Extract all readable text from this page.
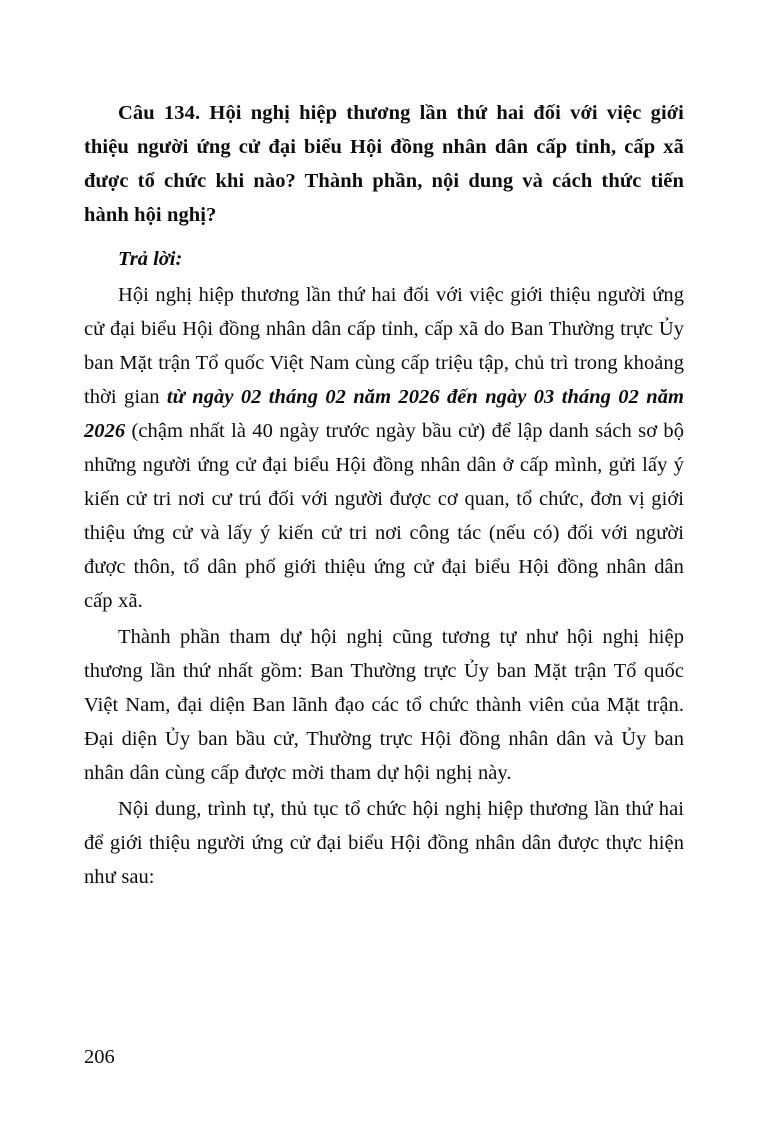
Câu 134. Hội nghị hiệp thương lần thứ hai đối với việc giới thiệu người ứng cử đại biểu Hội đồng nhân dân cấp tỉnh, cấp xã được tổ chức khi nào? Thành phần, nội dung và cách thức tiến hành hội nghị?

Trả lời:

Hội nghị hiệp thương lần thứ hai đối với việc giới thiệu người ứng cử đại biểu Hội đồng nhân dân cấp tỉnh, cấp xã do Ban Thường trực Ủy ban Mặt trận Tổ quốc Việt Nam cùng cấp triệu tập, chủ trì trong khoảng thời gian từ ngày 02 tháng 02 năm 2026 đến ngày 03 tháng 02 năm 2026 (chậm nhất là 40 ngày trước ngày bầu cử) để lập danh sách sơ bộ những người ứng cử đại biểu Hội đồng nhân dân ở cấp mình, gửi lấy ý kiến cử tri nơi cư trú đối với người được cơ quan, tổ chức, đơn vị giới thiệu ứng cử và lấy ý kiến cử tri nơi công tác (nếu có) đối với người được thôn, tổ dân phố giới thiệu ứng cử đại biểu Hội đồng nhân dân cấp xã.

Thành phần tham dự hội nghị cũng tương tự như hội nghị hiệp thương lần thứ nhất gồm: Ban Thường trực Ủy ban Mặt trận Tổ quốc Việt Nam, đại diện Ban lãnh đạo các tổ chức thành viên của Mặt trận. Đại diện Ủy ban bầu cử, Thường trực Hội đồng nhân dân và Ủy ban nhân dân cùng cấp được mời tham dự hội nghị này.

Nội dung, trình tự, thủ tục tổ chức hội nghị hiệp thương lần thứ hai để giới thiệu người ứng cử đại biểu Hội đồng nhân dân được thực hiện như sau:

206
